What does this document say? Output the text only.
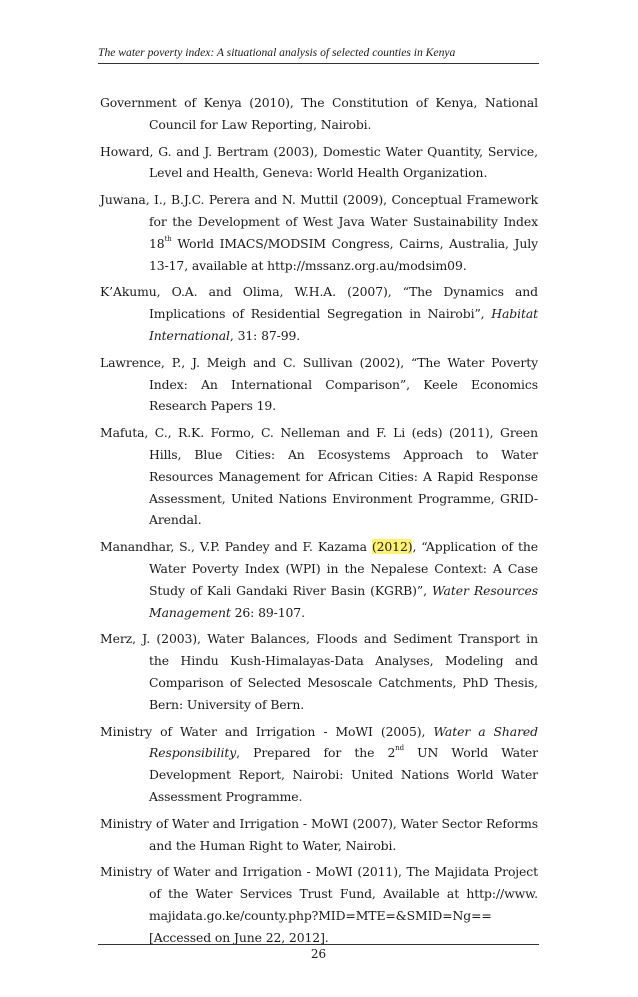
The water poverty index: A situational analysis of selected counties in Kenya

Government of Kenya (2010), The Constitution of Kenya, National Council for Law Reporting, Nairobi.

Howard, G. and J. Bertram (2003), Domestic Water Quantity, Service, Level and Health, Geneva: World Health Organization.

Juwana, I., B.J.C. Perera and N. Muttil (2009), Conceptual Framework for the Development of West Java Water Sustainability Index 18th World IMACS/MODSIM Congress, Cairns, Australia, July 13-17, available at http://mssanz.org.au/modsim09.

K’Akumu, O.A. and Olima, W.H.A. (2007), “The Dynamics and Implications of Residential Segregation in Nairobi”, Habitat International, 31: 87-99.

Lawrence, P., J. Meigh and C. Sullivan (2002), “The Water Poverty Index: An International Comparison”, Keele Economics Research Papers 19.

Mafuta, C., R.K. Formo, C. Nelleman and F. Li (eds) (2011), Green Hills, Blue Cities: An Ecosystems Approach to Water Resources Management for African Cities: A Rapid Response Assessment, United Nations Environment Programme, GRID-Arendal.

Manandhar, S., V.P. Pandey and F. Kazama (2012), “Application of the Water Poverty Index (WPI) in the Nepalese Context: A Case Study of Kali Gandaki River Basin (KGRB)”, Water Resources Management 26: 89-107.

Merz, J. (2003), Water Balances, Floods and Sediment Transport in the Hindu Kush-Himalayas-Data Analyses, Modeling and Comparison of Selected Mesoscale Catchments, PhD Thesis, Bern: University of Bern.

Ministry of Water and Irrigation - MoWI (2005), Water a Shared Responsibility, Prepared for the 2nd UN World Water Development Report, Nairobi: United Nations World Water Assessment Programme.

Ministry of Water and Irrigation - MoWI (2007), Water Sector Reforms and the Human Right to Water, Nairobi.

Ministry of Water and Irrigation - MoWI (2011), The Majidata Project of the Water Services Trust Fund, Available at http://www. majidata.go.ke/county.php?MID=MTE=&SMID=Ng== [Accessed on June 22, 2012].

26
